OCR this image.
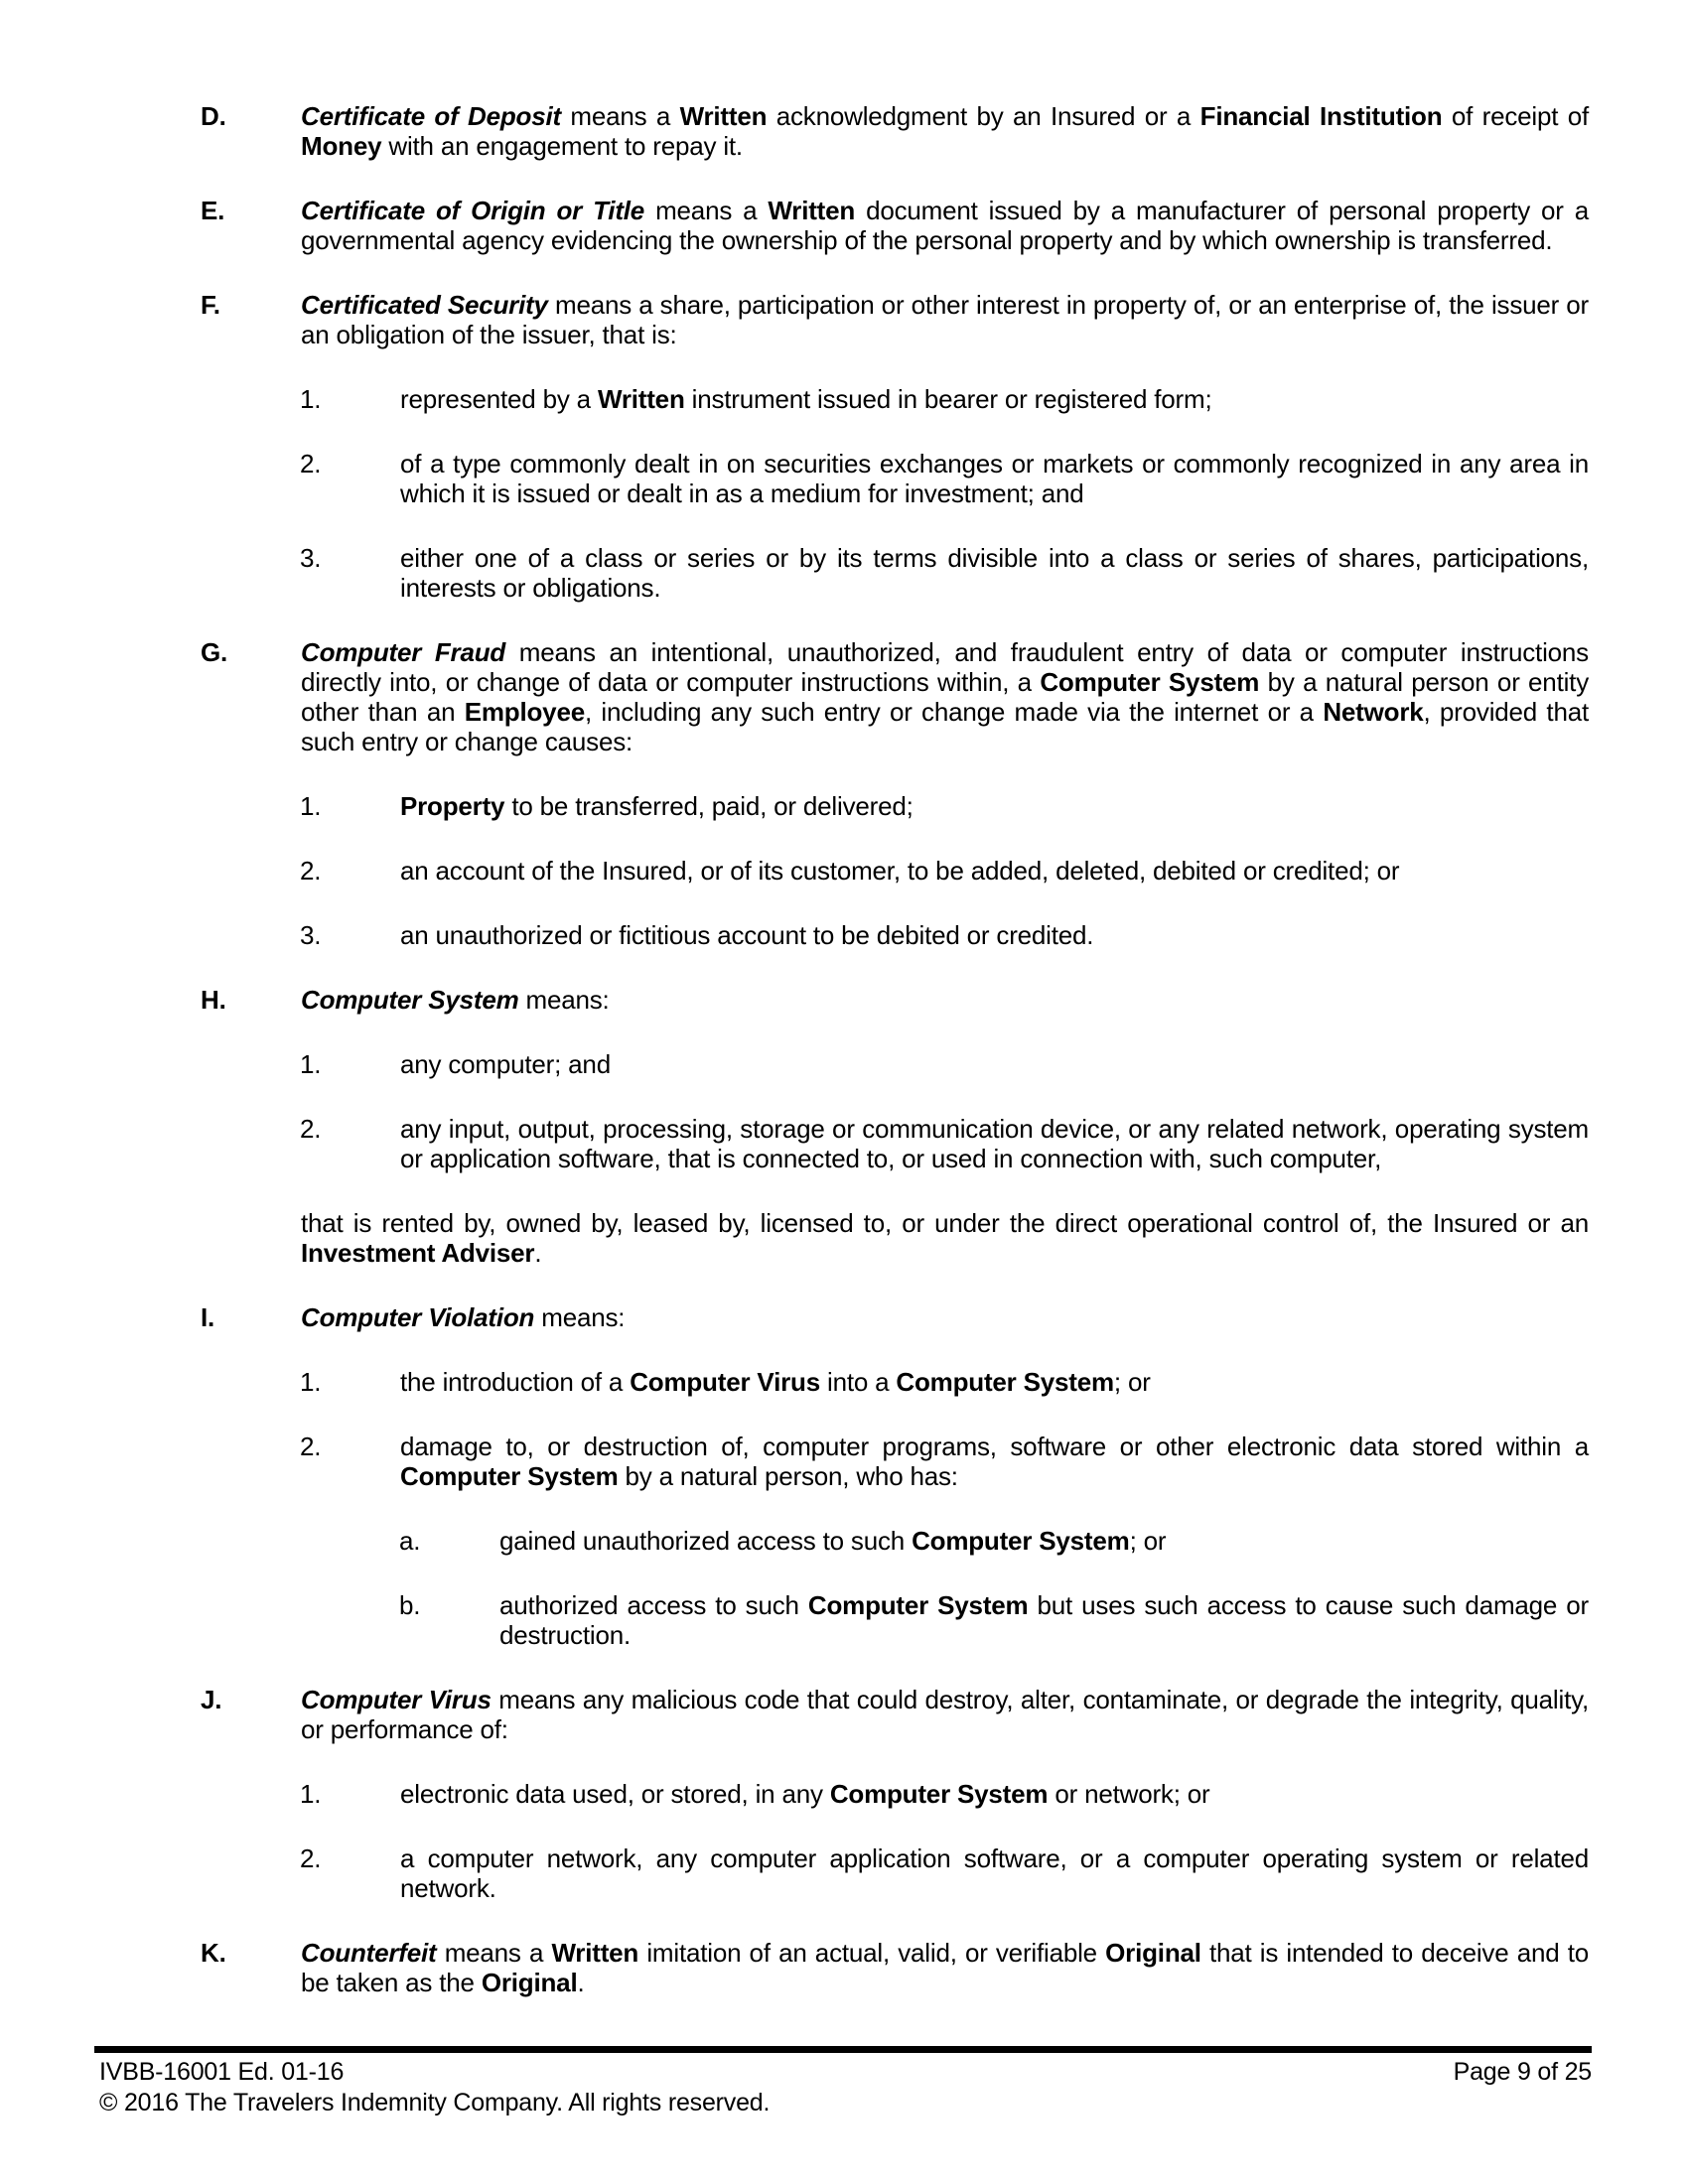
D.	Certificate of Deposit means a Written acknowledgment by an Insured or a Financial Institution of receipt of Money with an engagement to repay it.

E.	Certificate of Origin or Title means a Written document issued by a manufacturer of personal property or a governmental agency evidencing the ownership of the personal property and by which ownership is transferred.

F.	Certificated Security means a share, participation or other interest in property of, or an enterprise of, the issuer or an obligation of the issuer, that is:

1.	represented by a Written instrument issued in bearer or registered form;

2.	of a type commonly dealt in on securities exchanges or markets or commonly recognized in any area in which it is issued or dealt in as a medium for investment; and

3.	either one of a class or series or by its terms divisible into a class or series of shares, participations, interests or obligations.

G.	Computer Fraud means an intentional, unauthorized, and fraudulent entry of data or computer instructions directly into, or change of data or computer instructions within, a Computer System by a natural person or entity other than an Employee, including any such entry or change made via the internet or a Network, provided that such entry or change causes:

1.	Property to be transferred, paid, or delivered;

2.	an account of the Insured, or of its customer, to be added, deleted, debited or credited; or

3.	an unauthorized or fictitious account to be debited or credited.

H.	Computer System means:

1.	any computer; and

2.	any input, output, processing, storage or communication device, or any related network, operating system or application software, that is connected to, or used in connection with, such computer,

that is rented by, owned by, leased by, licensed to, or under the direct operational control of, the Insured or an Investment Adviser.

I.	Computer Violation means:

1.	the introduction of a Computer Virus into a Computer System; or

2.	damage to, or destruction of, computer programs, software or other electronic data stored within a Computer System by a natural person, who has:

a.	gained unauthorized access to such Computer System; or

b.	authorized access to such Computer System but uses such access to cause such damage or destruction.

J.	Computer Virus means any malicious code that could destroy, alter, contaminate, or degrade the integrity, quality, or performance of:

1.	electronic data used, or stored, in any Computer System or network; or

2.	a computer network, any computer application software, or a computer operating system or related network.

K.	Counterfeit means a Written imitation of an actual, valid, or verifiable Original that is intended to deceive and to be taken as the Original.

IVBB-16001 Ed. 01-16	Page 9 of 25
© 2016 The Travelers Indemnity Company. All rights reserved.
